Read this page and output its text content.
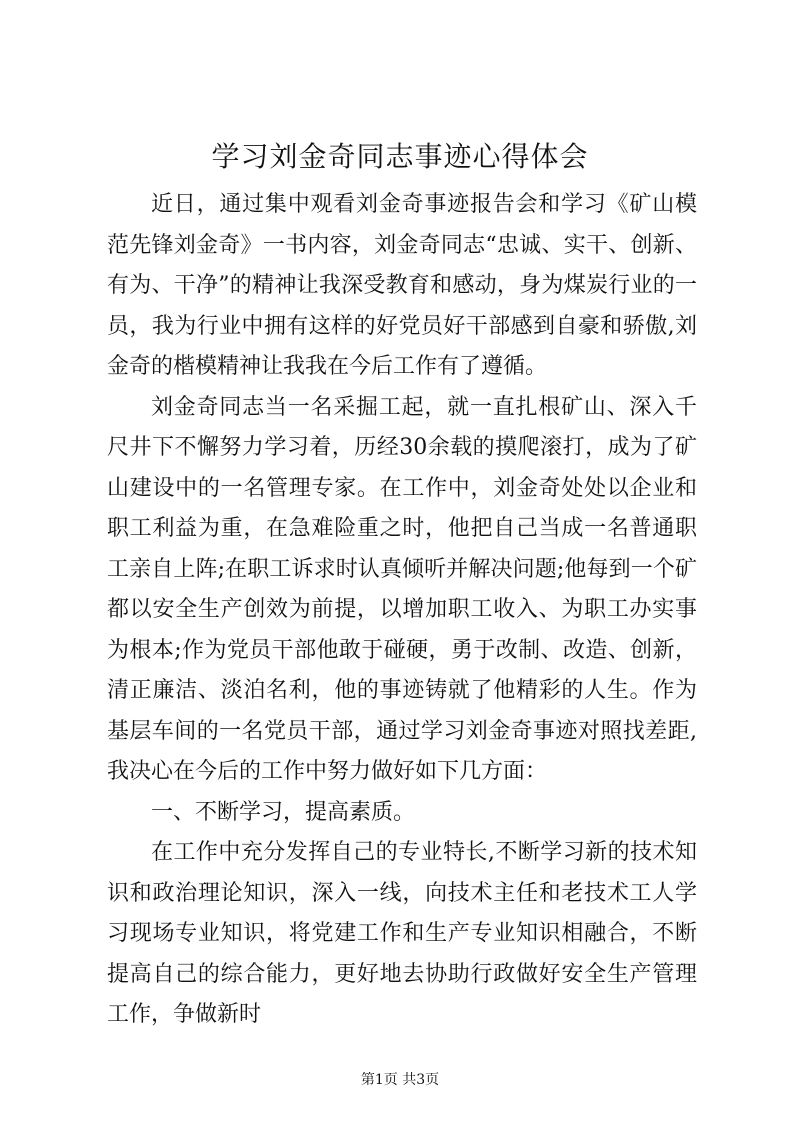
学习刘金奇同志事迹心得体会

近日，通过集中观看刘金奇事迹报告会和学习《矿山模范先锋刘金奇》一书内容，刘金奇同志“忠诚、实干、创新、有为、干净”的精神让我深受教育和感动，身为煤炭行业的一员，我为行业中拥有这样的好党员好干部感到自豪和骄傲,刘金奇的楷模精神让我我在今后工作有了遵循。

刘金奇同志当一名采掘工起，就一直扎根矿山、深入千尺井下不懈努力学习着，历经30余载的摸爬滚打，成为了矿山建设中的一名管理专家。在工作中，刘金奇处处以企业和职工利益为重，在急难险重之时，他把自己当成一名普通职工亲自上阵;在职工诉求时认真倾听并解决问题;他每到一个矿都以安全生产创效为前提，以增加职工收入、为职工办实事为根本;作为党员干部他敢于碰硬，勇于改制、改造、创新，清正廉洁、淡泊名利，他的事迹铸就了他精彩的人生。作为基层车间的一名党员干部，通过学习刘金奇事迹对照找差距,我决心在今后的工作中努力做好如下几方面：

一、不断学习，提高素质。

在工作中充分发挥自己的专业特长,不断学习新的技术知识和政治理论知识，深入一线，向技术主任和老技术工人学习现场专业知识，将党建工作和生产专业知识相融合，不断提高自己的综合能力，更好地去协助行政做好安全生产管理工作，争做新时

第1页 共3页
